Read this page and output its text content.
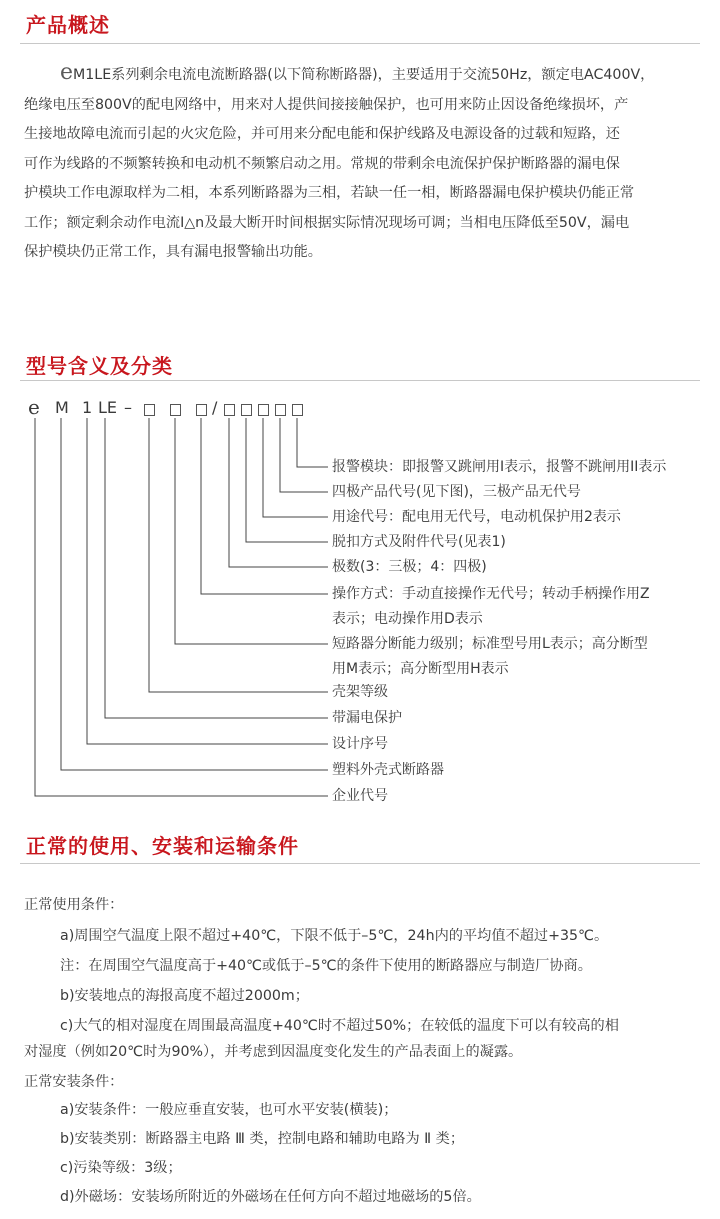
产品概述
eM1LE系列剩余电流电流断路器(以下简称断路器)，主要适用于交流50Hz，额定电AC400V，
绝缘电压至800V的配电网络中，用来对人提供间接接触保护，也可用来防止因设备绝缘损坏，产
生接地故障电流而引起的火灾危险，并可用来分配电能和保护线路及电源设备的过载和短路，还
可作为线路的不频繁转换和电动机不频繁启动之用。常规的带剩余电流保护保护断路器的漏电保
护模块工作电源取样为二相，本系列断路器为三相，若缺一任一相，断路器漏电保护模块仍能正常
工作；额定剩余动作电流I△n及最大断开时间根据实际情况现场可调；当相电压降低至50V，漏电
保护模块仍正常工作，具有漏电报警输出功能。
型号含义及分类
e M 1 LE –	/
报警模块：即报警又跳闸用I表示，报警不跳闸用II表示
四极产品代号(见下图)，三极产品无代号
用途代号：配电用无代号，电动机保护用2表示
脱扣方式及附件代号(见表1)
极数(3：三极；4：四极)
操作方式：手动直接操作无代号；转动手柄操作用Z
表示；电动操作用D表示
短路器分断能力级别；标准型号用L表示；高分断型
用M表示；高分断型用H表示
壳架等级
带漏电保护
设计序号
塑料外壳式断路器
企业代号
正常的使用、安装和运输条件
正常使用条件：
a)周围空气温度上限不超过+40℃，下限不低于–5℃，24h内的平均值不超过+35℃。
注：在周围空气温度高于+40℃或低于–5℃的条件下使用的断路器应与制造厂协商。
b)安装地点的海报高度不超过2000m；
c)大气的相对湿度在周围最高温度+40℃时不超过50%；在较低的温度下可以有较高的相
对湿度（例如20℃时为90%），并考虑到因温度变化发生的产品表面上的凝露。
正常安装条件：
a)安装条件：一般应垂直安装，也可水平安装(横装)；
b)安装类别：断路器主电路 Ⅲ 类，控制电路和辅助电路为 Ⅱ 类；
c)污染等级：3级；
d)外磁场：安装场所附近的外磁场在任何方向不超过地磁场的5倍。
